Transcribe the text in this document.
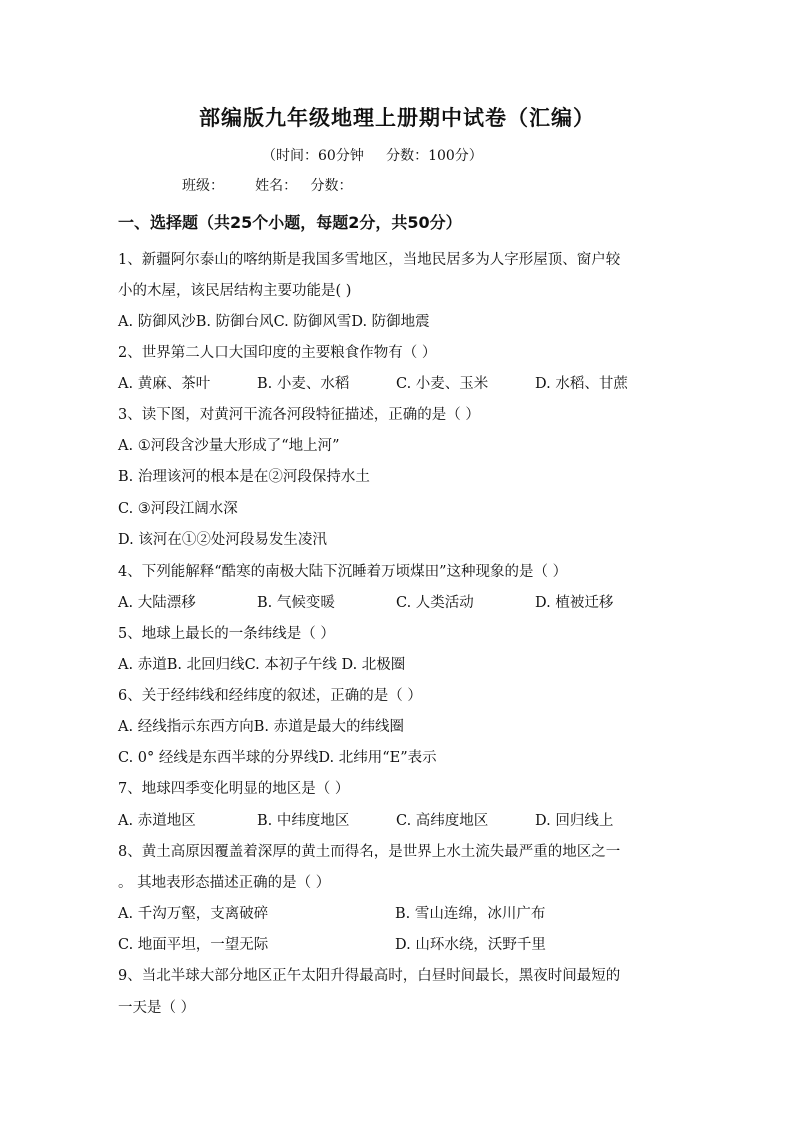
部编版九年级地理上册期中试卷（汇编）
（时间：60分钟     分数：100分）
班级：       姓名：   分数：
一、选择题（共25个小题，每题2分，共50分）
1、新疆阿尔泰山的喀纳斯是我国多雪地区，当地民居多为人字形屋顶、窗户较
小的木屋，该民居结构主要功能是( )
A. 防御风沙B. 防御台风C. 防御风雪D. 防御地震
2、世界第二人口大国印度的主要粮食作物有（ ）
A. 黄麻、茶叶	B. 小麦、水稻	C. 小麦、玉米	D. 水稻、甘蔗
3、读下图，对黄河干流各河段特征描述，正确的是（ ）
A. ①河段含沙量大形成了“地上河”
B. 治理该河的根本是在②河段保持水土
C. ③河段江阔水深
D. 该河在①②处河段易发生凌汛
4、下列能解释“酷寒的南极大陆下沉睡着万顷煤田”这种现象的是（ ）
A. 大陆漂移	B. 气候变暖	C. 人类活动	D. 植被迁移
5、地球上最长的一条纬线是（ ）
A. 赤道B. 北回归线C. 本初子午线 D. 北极圈
6、关于经纬线和经纬度的叙述，正确的是（ ）
A. 经线指示东西方向B. 赤道是最大的纬线圈
C. 0° 经线是东西半球的分界线D. 北纬用“E”表示
7、地球四季变化明显的地区是（ ）
A. 赤道地区	B. 中纬度地区	C. 高纬度地区	D. 回归线上
8、黄土高原因覆盖着深厚的黄土而得名，是世界上水土流失最严重的地区之一
。 其地表形态描述正确的是（ ）
A. 千沟万壑，支离破碎	B. 雪山连绵，冰川广布
C. 地面平坦，一望无际	D. 山环水绕，沃野千里
9、当北半球大部分地区正午太阳升得最高时，白昼时间最长，黑夜时间最短的
一天是（ ）
